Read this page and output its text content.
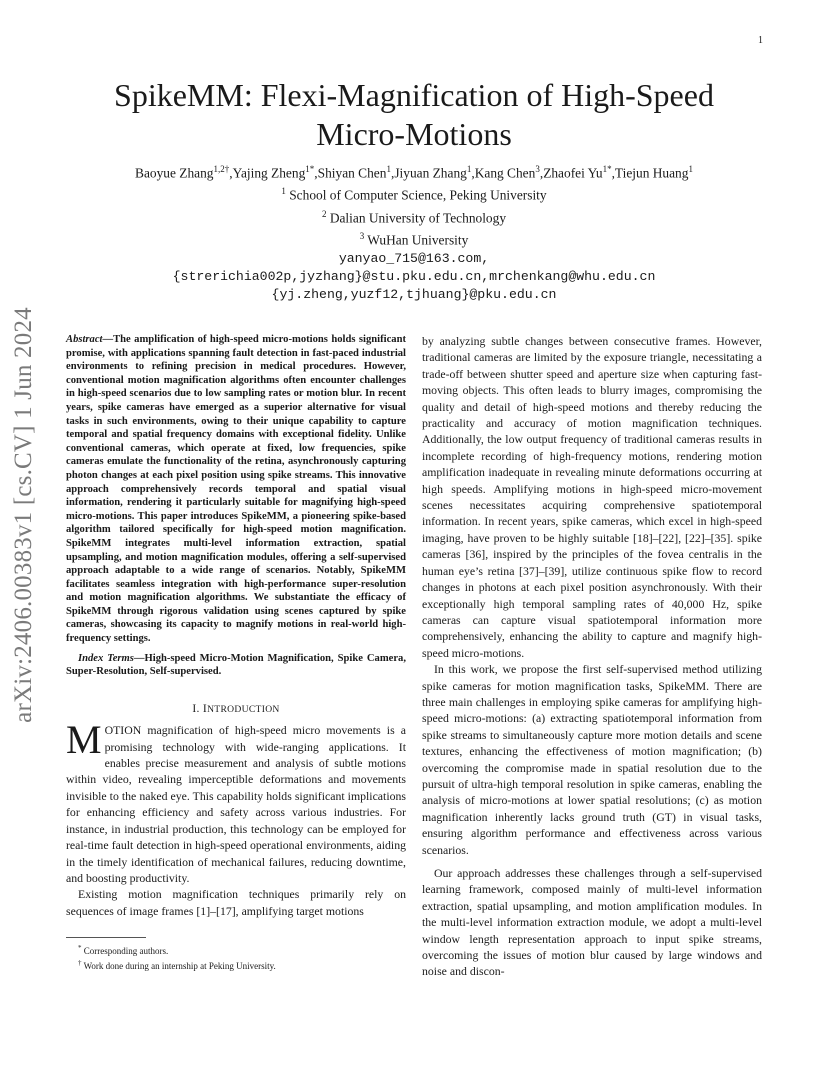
1
arXiv:2406.00383v1 [cs.CV] 1 Jun 2024
SpikeMM: Flexi-Magnification of High-Speed
Micro-Motions
Baoyue Zhang$^{1,2\dagger}$,Yajing Zheng$^{1*}$,Shiyan Chen$^1$,Jiyuan Zhang$^1$,Kang Chen$^3$,Zhaofei $Yu^{1*},Tiejun$ Huang$^1$
$^1$ School of Computer Science, Peking University
$^2$ Dalian University of Technology
$^3$ WuHan University
yanyao_715@163.com,
{strerichia002p,jyzhang}@stu.pku.edu.cn,mrchenkang@whu.edu.cn
{yj.zheng,yuzf12,tjhuang}@pku.edu.cn

Abstract—The amplification of high-speed micro-motions holds significant promise, with applications spanning fault detection in fast-paced industrial environments to refining precision in medical procedures. However, conventional motion magnification algorithms often encounter challenges in high-speed scenarios due to low sampling rates or motion blur. In recent years, spike cameras have emerged as a superior alternative for visual tasks in such environments, owing to their unique capability to capture temporal and spatial frequency domains with exceptional fidelity. Unlike conventional cameras, which operate at fixed, low frequencies, spike cameras emulate the functionality of the retina, asynchronously capturing photon changes at each pixel position using spike streams. This innovative approach comprehensively records temporal and spatial visual information, rendering it particularly suitable for magnifying high-speed micro-motions. This paper introduces SpikeMM, a pioneering spike-based algorithm tailored specifically for high-speed motion magnification. SpikeMM integrates multi-level information extraction, spatial upsampling, and motion magnification modules, offering a self-supervised approach adaptable to a wide range of scenarios. Notably, SpikeMM facilitates seamless integration with high-performance super-resolution and motion magnification algorithms. We substantiate the efficacy of SpikeMM through rigorous validation using scenes captured by spike cameras, showcasing its capacity to magnify motions in real-world high-frequency settings.

Index Terms—High-speed Micro-Motion Magnification, Spike Camera, Super-Resolution, Self-supervised.

I. INTRODUCTION

MOTION magnification of high-speed micro movements is a promising technology with wide-ranging applications. It enables precise measurement and analysis of subtle motions within video, revealing imperceptible deformations and movements invisible to the naked eye. This capability holds significant implications for enhancing efficiency and safety across various industries. For instance, in industrial production, this technology can be employed for real-time fault detection in high-speed operational environments, aiding in the timely identification of mechanical failures, reducing downtime, and boosting productivity.

Existing motion magnification techniques primarily rely on sequences of image frames [1]–[17], amplifying target motions

* Corresponding authors.

† Work done during an internship at Peking University.

by analyzing subtle changes between consecutive frames. However, traditional cameras are limited by the exposure triangle, necessitating a trade-off between shutter speed and aperture size when capturing fast-moving objects. This often leads to blurry images, compromising the quality and detail of high-speed motions and thereby reducing the practicality and accuracy of motion magnification techniques. Additionally, the low output frequency of traditional cameras results in incomplete recording of high-frequency motions, rendering motion amplification inadequate in revealing minute deformations occurring at high speeds. Amplifying motions in high-speed micro-movement scenes necessitates acquiring comprehensive spatiotemporal information. In recent years, spike cameras, which excel in high-speed imaging, have proven to be highly suitable [18]–[22], [22]–[35]. spike cameras [36], inspired by the principles of the fovea centralis in the human eye’s retina [37]–[39], utilize continuous spike flow to record changes in photons at each pixel position asynchronously. With their exceptionally high temporal sampling rates of 40,000 Hz, spike cameras can capture visual spatiotemporal information more comprehensively, enhancing the ability to capture and magnify high-speed micro-motions.

In this work, we propose the first self-supervised method utilizing spike cameras for motion magnification tasks, SpikeMM. There are three main challenges in employing spike cameras for amplifying high-speed micro-motions: (a) extracting spatiotemporal information from spike streams to simultaneously capture more motion details and scene textures, enhancing the effectiveness of motion magnification; (b) overcoming the compromise made in spatial resolution due to the pursuit of ultra-high temporal resolution in spike cameras, enabling the analysis of micro-motions at lower spatial resolutions; (c) as motion magnification inherently lacks ground truth (GT) in visual tasks, ensuring algorithm performance and effectiveness across various scenarios.

Our approach addresses these challenges through a self-supervised learning framework, composed mainly of multi-level information extraction, spatial upsampling, and motion amplification modules. In the multi-level information extraction module, we adopt a multi-level window length representation approach to input spike streams, overcoming the issues of motion blur caused by large windows and noise and discon-
